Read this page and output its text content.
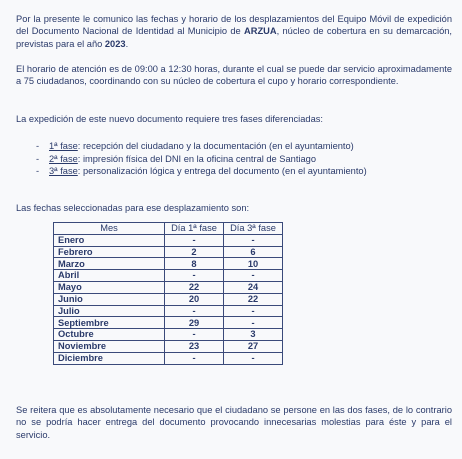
Por la presente le comunico las fechas y horario de los desplazamientos del Equipo Móvil de expedición del Documento Nacional de Identidad al Municipio de ARZUA, núcleo de cobertura en su demarcación, previstas para el año 2023.

El horario de atención es de 09:00 a 12:30 horas, durante el cual se puede dar servicio aproximadamente a 75 ciudadanos, coordinando con su núcleo de cobertura el cupo y horario correspondiente.

La expedición de este nuevo documento requiere tres fases diferenciadas:

- 1ª fase: recepción del ciudadano y la documentación (en el ayuntamiento)
- 2ª fase: impresión física del DNI en la oficina central de Santiago
- 3ª fase: personalización lógica y entrega del documento (en el ayuntamiento)

Las fechas seleccionadas para ese desplazamiento son:

Mes	Día 1ª fase	Día 3ª fase
Enero	-	-
Febrero	2	6
Marzo	8	10
Abril	-	-
Mayo	22	24
Junio	20	22
Julio	-	-
Septiembre	29	-
Octubre	-	3
Noviembre	23	27
Diciembre	-	-

Se reitera que es absolutamente necesario que el ciudadano se persone en las dos fases, de lo contrario no se podría hacer entrega del documento provocando innecesarias molestias para éste y para el servicio.
